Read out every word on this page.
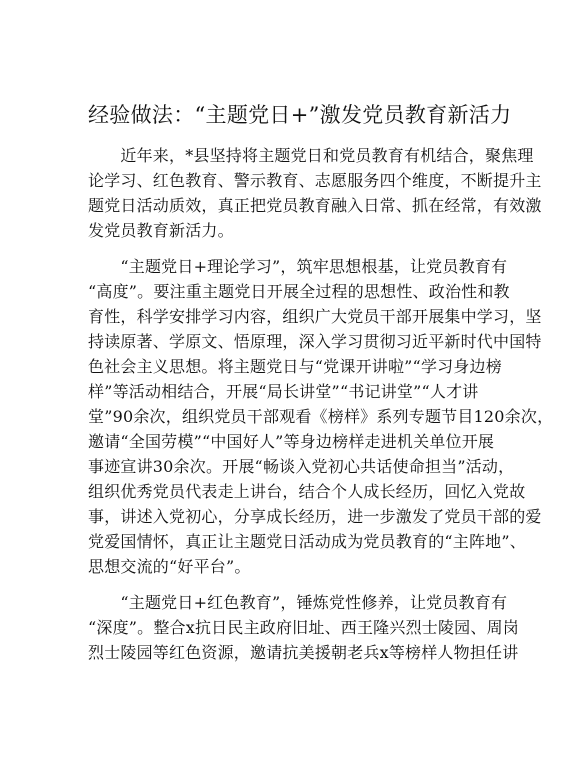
经验做法：“主题党日+”激发党员教育新活力
　　近年来，*县坚持将主题党日和党员教育有机结合，聚焦理
论学习、红色教育、警示教育、志愿服务四个维度，不断提升主
题党日活动质效，真正把党员教育融入日常、抓在经常，有效激
发党员教育新活力。
　　“主题党日+理论学习”，筑牢思想根基，让党员教育有
“高度”。要注重主题党日开展全过程的思想性、政治性和教
育性，科学安排学习内容，组织广大党员干部开展集中学习，坚
持读原著、学原文、悟原理，深入学习贯彻习近平新时代中国特
色社会主义思想。将主题党日与“党课开讲啦”“学习身边榜
样”等活动相结合，开展“局长讲堂”“书记讲堂”“人才讲
堂”90余次，组织党员干部观看《榜样》系列专题节目120余次，
邀请“全国劳模”“中国好人”等身边榜样走进机关单位开展
事迹宣讲30余次。开展“畅谈入党初心共话使命担当”活动，
组织优秀党员代表走上讲台，结合个人成长经历，回忆入党故
事，讲述入党初心，分享成长经历，进一步激发了党员干部的爱
党爱国情怀，真正让主题党日活动成为党员教育的“主阵地”、
思想交流的“好平台”。
　　“主题党日+红色教育”，锤炼党性修养，让党员教育有
“深度”。整合x抗日民主政府旧址、西王隆兴烈士陵园、周岗
烈士陵园等红色资源，邀请抗美援朝老兵x等榜样人物担任讲
